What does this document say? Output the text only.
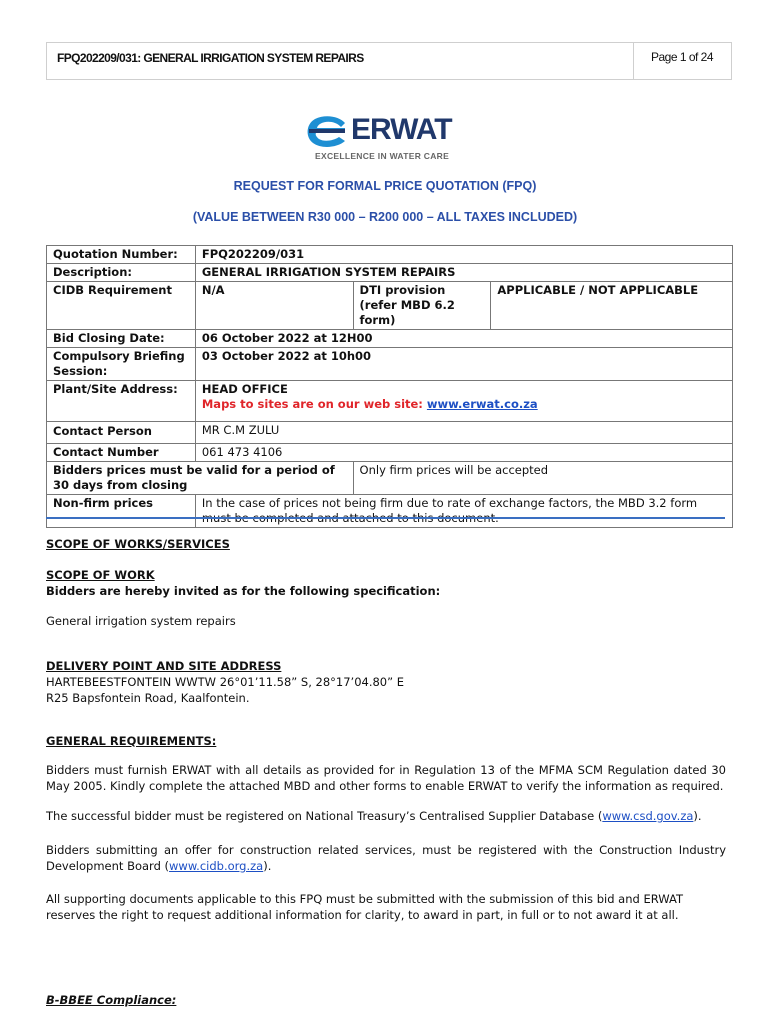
FPQ202209/031: GENERAL IRRIGATION SYSTEM REPAIRS	Page 1 of 24
ERWAT
EXCELLENCE IN WATER CARE
REQUEST FOR FORMAL PRICE QUOTATION (FPQ)
(VALUE BETWEEN R30 000 – R200 000 – ALL TAXES INCLUDED)
Quotation Number:	FPQ202209/031		
Description:	GENERAL IRRIGATION SYSTEM REPAIRS		
CIDB Requirement	N/A	DTI provision (refer MBD 6.2 form)	APPLICABLE / NOT APPLICABLE
Bid Closing Date:	06 October 2022 at 12H00		
Compulsory Briefing Session:	03 October 2022 at 10h00		
Plant/Site Address:	HEAD OFFICE
Maps to sites are on our web site: www.erwat.co.za		

Contact Person	MR C.M ZULU		
Contact Number	061 473 4106		
Bidders prices must be valid for a period of 30 days from closing		Only firm prices will be accepted	
Non-firm prices	In the case of prices not being firm due to rate of exchange factors, the MBD 3.2 form		
SCOPE OF WORKS/SERVICES
SCOPE OF WORK
Bidders are hereby invited as for the following specification:
General irrigation system repairs
DELIVERY POINT AND SITE ADDRESS
HARTEBEESTFONTEIN WWTW 26°01’11.58” S, 28°17’04.80” E
R25 Bapsfontein Road, Kaalfontein.
GENERAL REQUIREMENTS:
Bidders must furnish ERWAT with all details as provided for in Regulation 13 of the MFMA SCM Regulation dated 30 May 2005. Kindly complete the attached MBD and other forms to enable ERWAT to verify the information as required.
The successful bidder must be registered on National Treasury’s Centralised Supplier Database (www.csd.gov.za).
Bidders submitting an offer for construction related services, must be registered with the Construction Industry Development Board (www.cidb.org.za).
All supporting documents applicable to this FPQ must be submitted with the submission of this bid and ERWAT reserves the right to request additional information for clarity, to award in part, in full or to not award it at all.
B-BBEE Compliance:
